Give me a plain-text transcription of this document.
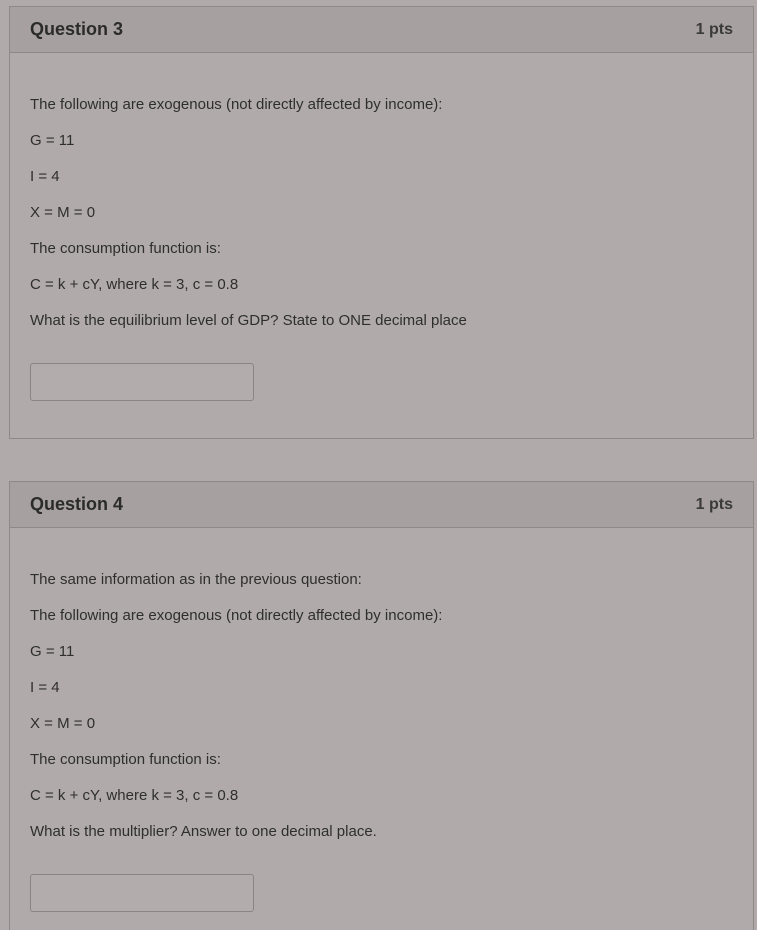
Question 3	1 pts
The following are exogenous (not directly affected by income):
G = 11
I = 4
X = M = 0
The consumption function is:
C = k + cY, where k = 3, c = 0.8
What is the equilibrium level of GDP? State to ONE decimal place
Question 4	1 pts
The same information as in the previous question:
The following are exogenous (not directly affected by income):
G = 11
I = 4
X = M = 0
The consumption function is:
C = k + cY, where k = 3, c = 0.8
What is the multiplier? Answer to one decimal place.
